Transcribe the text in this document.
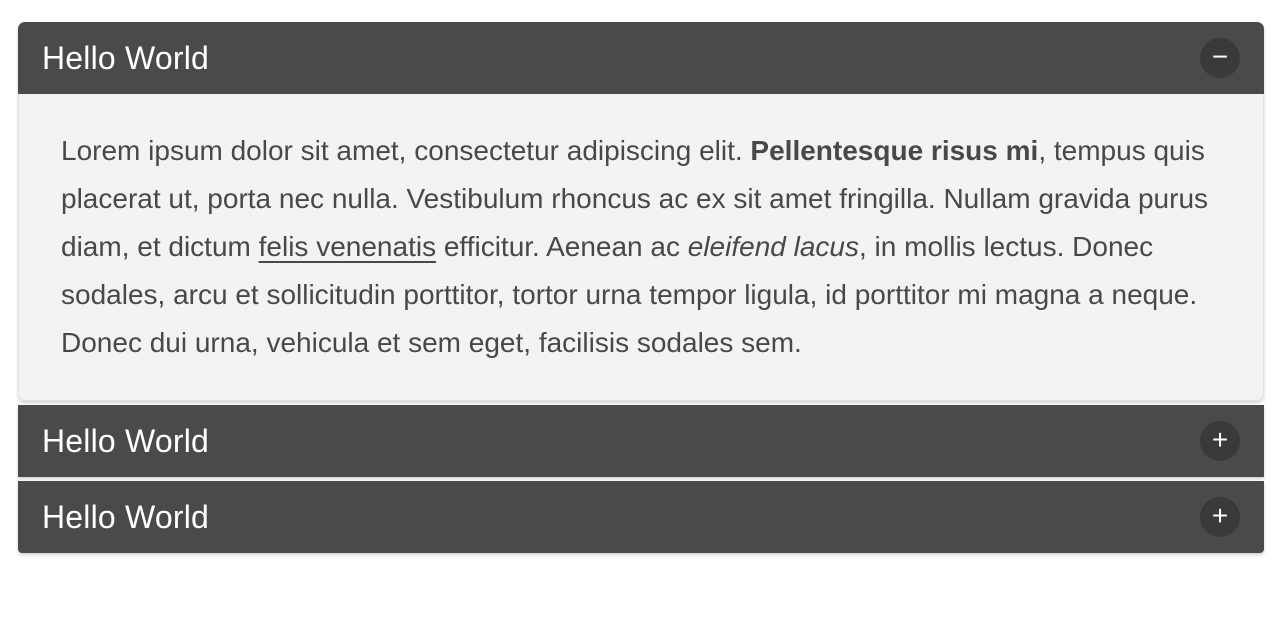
Hello World	−

Lorem ipsum dolor sit amet, consectetur adipiscing elit. Pellentesque risus mi, tempus quis placerat ut, porta nec nulla. Vestibulum rhoncus ac ex sit amet fringilla. Nullam gravida purus diam, et dictum felis venenatis efficitur. Aenean ac eleifend lacus, in mollis lectus. Donec sodales, arcu et sollicitudin porttitor, tortor urna tempor ligula, id porttitor mi magna a neque. Donec dui urna, vehicula et sem eget, facilisis sodales sem.

Hello World	+
Hello World	+
